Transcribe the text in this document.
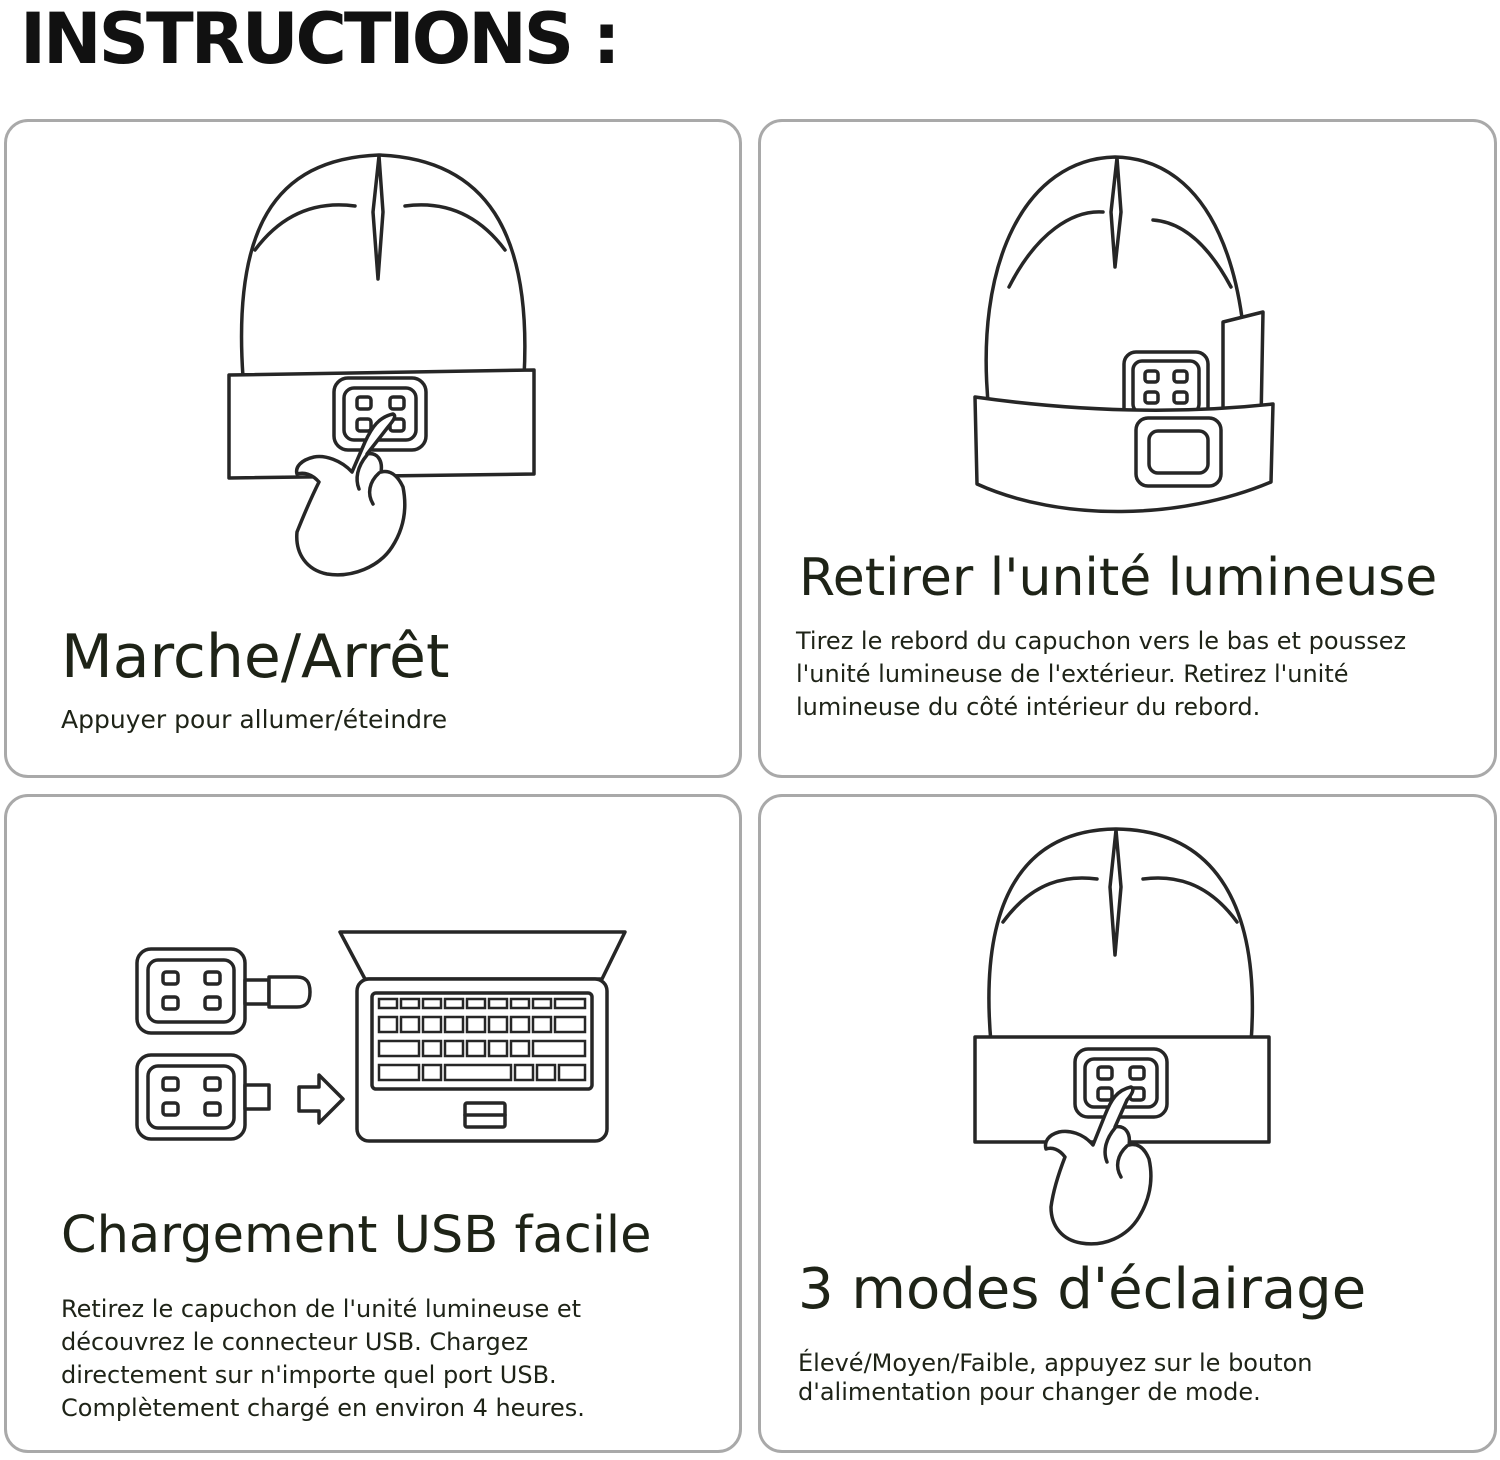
INSTRUCTIONS :
Marche/Arrêt

Appuyer pour allumer/éteindre

Retirer l'unité lumineuse

Tirez le rebord du capuchon vers le bas et poussez
l'unité lumineuse de l'extérieur. Retirez l'unité
lumineuse du côté intérieur du rebord.

Chargement USB facile

Retirez le capuchon de l'unité lumineuse et
découvrez le connecteur USB. Chargez
directement sur n'importe quel port USB.
Complètement chargé en environ 4 heures.

3 modes d'éclairage

Élevé/Moyen/Faible, appuyez sur le bouton
d'alimentation pour changer de mode.
